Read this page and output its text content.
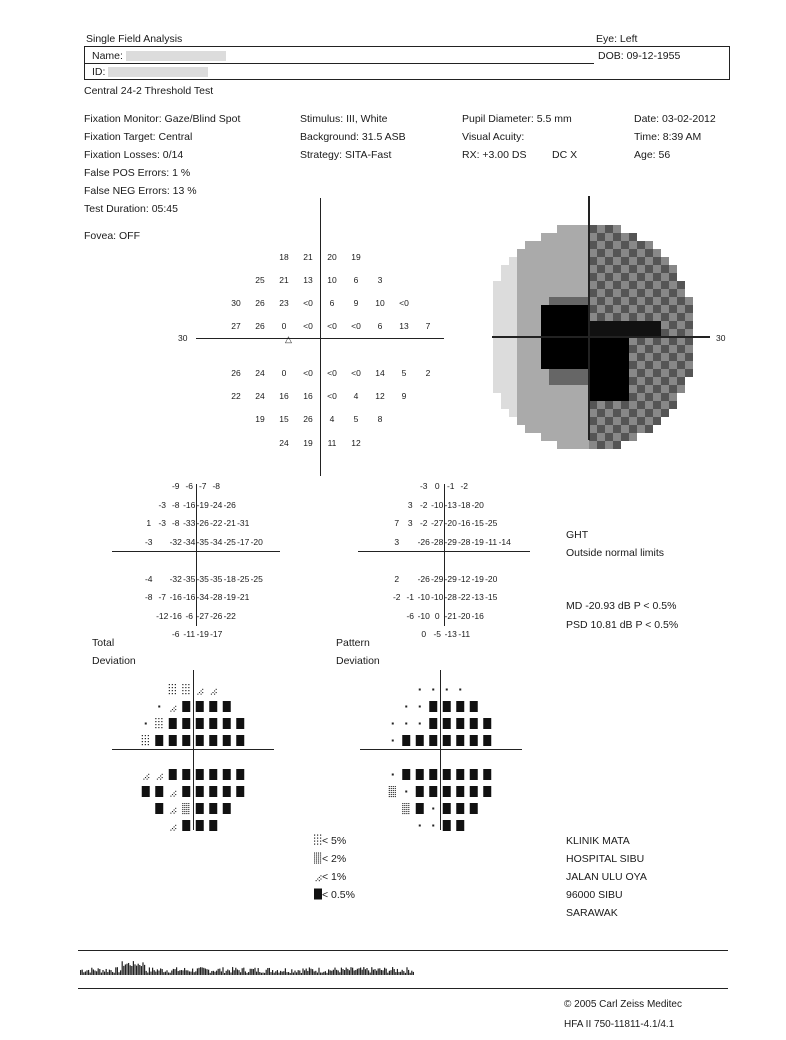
Single Field Analysis	Eye: Left
Name:
ID:
DOB: 09-12-1955
Central 24-2 Threshold Test
Fixation Monitor: Gaze/Blind Spot
Fixation Target: Central
Fixation Losses: 0/14
False POS Errors: 1 %
False NEG Errors: 13 %
Test Duration: 05:45
Fovea: OFF
Stimulus: III, White
Background: 31.5 ASB
Strategy: SITA-Fast
Pupil Diameter: 5.5 mm
Visual Acuity:
RX: +3.00 DS DC X
Date: 03-02-2012
Time: 8:39 AM
Age: 56
30
18 21 20 19
25 21 13 10 6 3
30 26 23 <0 6 9 10 <0
27 26 0 <0 <0 <0 6 13 7
26 24 0 <0 <0 <0 14 5 2
22 24 16 16 <0 4 12 9
19 15 26 4 5 8
24 19 11 12
△	30
-9 -6 -7 -8
-3 -8 -16 -19 -24 -26
1 -3 -8 -33 -26 -22 -21 -31
-3 -32 -34 -35 -34 -25 -17 -20
-4 -32 -35 -35 -35 -18 -25 -25
-8 -7 -16 -16 -34 -28 -19 -21
-12 -16 -6 -27 -26 -22
-6 -11 -19 -17
-3 0 -1 -2
3 -2 -10 -13 -18 -20
7 3 -2 -27 -20 -16 -15 -25
3 -26 -28 -29 -28 -19 -11 -14
2 -26 -29 -29 -12 -19 -20
-2 -1 -10 -10 -28 -22 -13 -15
-6 -10 0 -21 -20 -16
0 -5 -13 -11
GHT
Outside normal limits
MD -20.93 dB P < 0.5%
PSD 10.81 dB P < 0.5%
Total
Deviation
Pattern
Deviation
< 5%
< 2%
< 1%
< 0.5%
KLINIK MATA
HOSPITAL SIBU
JALAN ULU OYA
96000 SIBU
SARAWAK
© 2005 Carl Zeiss Meditec
HFA II 750-11811-4.1/4.1
